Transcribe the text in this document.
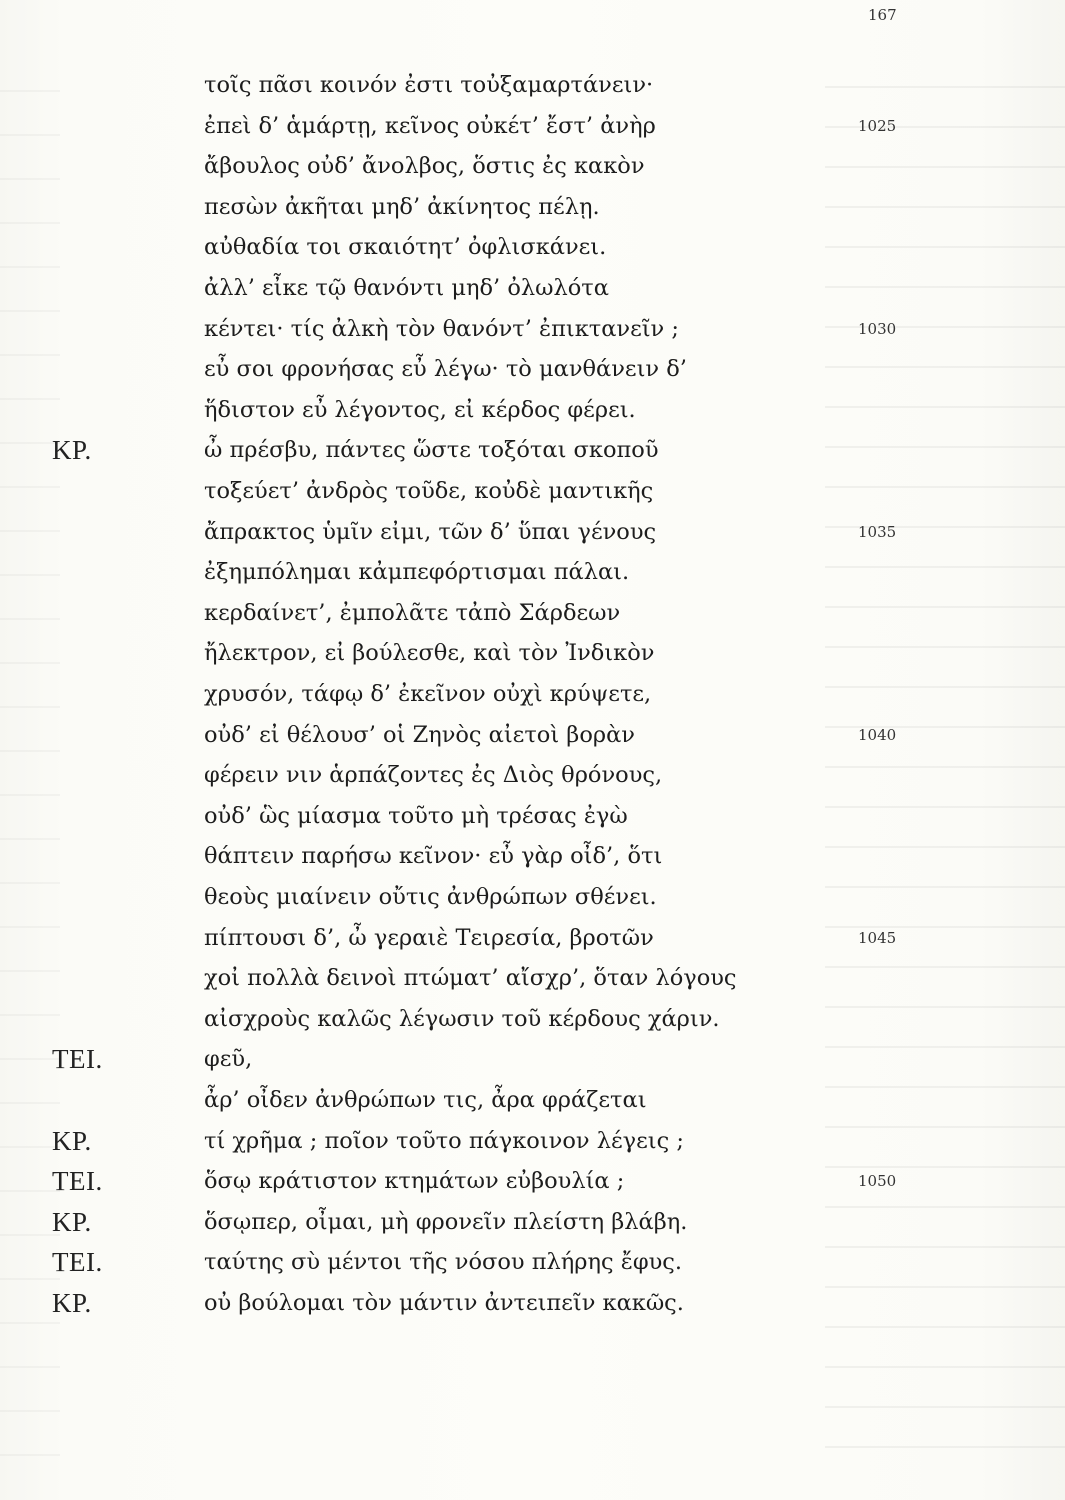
167
τοῖς πᾶσι κοινόν ἐστι τοὐξαμαρτάνειν·
ἐπεὶ δ’ ἁμάρτῃ, κεῖνος οὐκέτ’ ἔστ’ ἀνὴρ	1025
ἄβουλος οὐδ’ ἄνολβος, ὅστις ἐς κακὸν
πεσὼν ἀκῆται μηδ’ ἀκίνητος πέλῃ.
αὐθαδία τοι σκαιότητ’ ὀφλισκάνει.
ἀλλ’ εἶκε τῷ θανόντι μηδ’ ὀλωλότα
κέντει· τίς ἀλκὴ τὸν θανόντ’ ἐπικτανεῖν ;	1030
εὖ σοι φρονήσας εὖ λέγω· τὸ μανθάνειν δ’
ἥδιστον εὖ λέγοντος, εἰ κέρδος φέρει.
ΚΡ.	ὦ πρέσβυ, πάντες ὥστε τοξόται σκοποῦ
τοξεύετ’ ἀνδρὸς τοῦδε, κοὐδὲ μαντικῆς
ἄπρακτος ὑμῖν εἰμι, τῶν δ’ ὕπαι γένους	1035
ἐξημπόλημαι κἀμπεφόρτισμαι πάλαι.
κερδαίνετ’, ἐμπολᾶτε τἀπὸ Σάρδεων
ἤλεκτρον, εἰ βούλεσθε, καὶ τὸν Ἰνδικὸν
χρυσόν, τάφῳ δ’ ἐκεῖνον οὐχὶ κρύψετε,
οὐδ’ εἰ θέλουσ’ οἱ Ζηνὸς αἰετοὶ βορὰν	1040
φέρειν νιν ἁρπάζοντες ἐς Διὸς θρόνους,
οὐδ’ ὣς μίασμα τοῦτο μὴ τρέσας ἐγὼ
θάπτειν παρήσω κεῖνον· εὖ γὰρ οἶδ’, ὅτι
θεοὺς μιαίνειν οὔτις ἀνθρώπων σθένει.
πίπτουσι δ’, ὦ γεραιὲ Τειρεσία, βροτῶν	1045
χοἰ πολλὰ δεινοὶ πτώματ’ αἴσχρ’, ὅταν λόγους
αἰσχροὺς καλῶς λέγωσιν τοῦ κέρδους χάριν.
ΤΕΙ.	φεῦ,
ἆρ’ οἶδεν ἀνθρώπων τις, ἆρα φράζεται
ΚΡ.	τί χρῆμα ; ποῖον τοῦτο πάγκοινον λέγεις ;
ΤΕΙ.	ὅσῳ κράτιστον κτημάτων εὐβουλία ;	1050
ΚΡ.	ὅσῳπερ, οἶμαι, μὴ φρονεῖν πλείστη βλάβη.
ΤΕΙ.	ταύτης σὺ μέντοι τῆς νόσου πλήρης ἔφυς.
ΚΡ.	οὐ βούλομαι τὸν μάντιν ἀντειπεῖν κακῶς.
